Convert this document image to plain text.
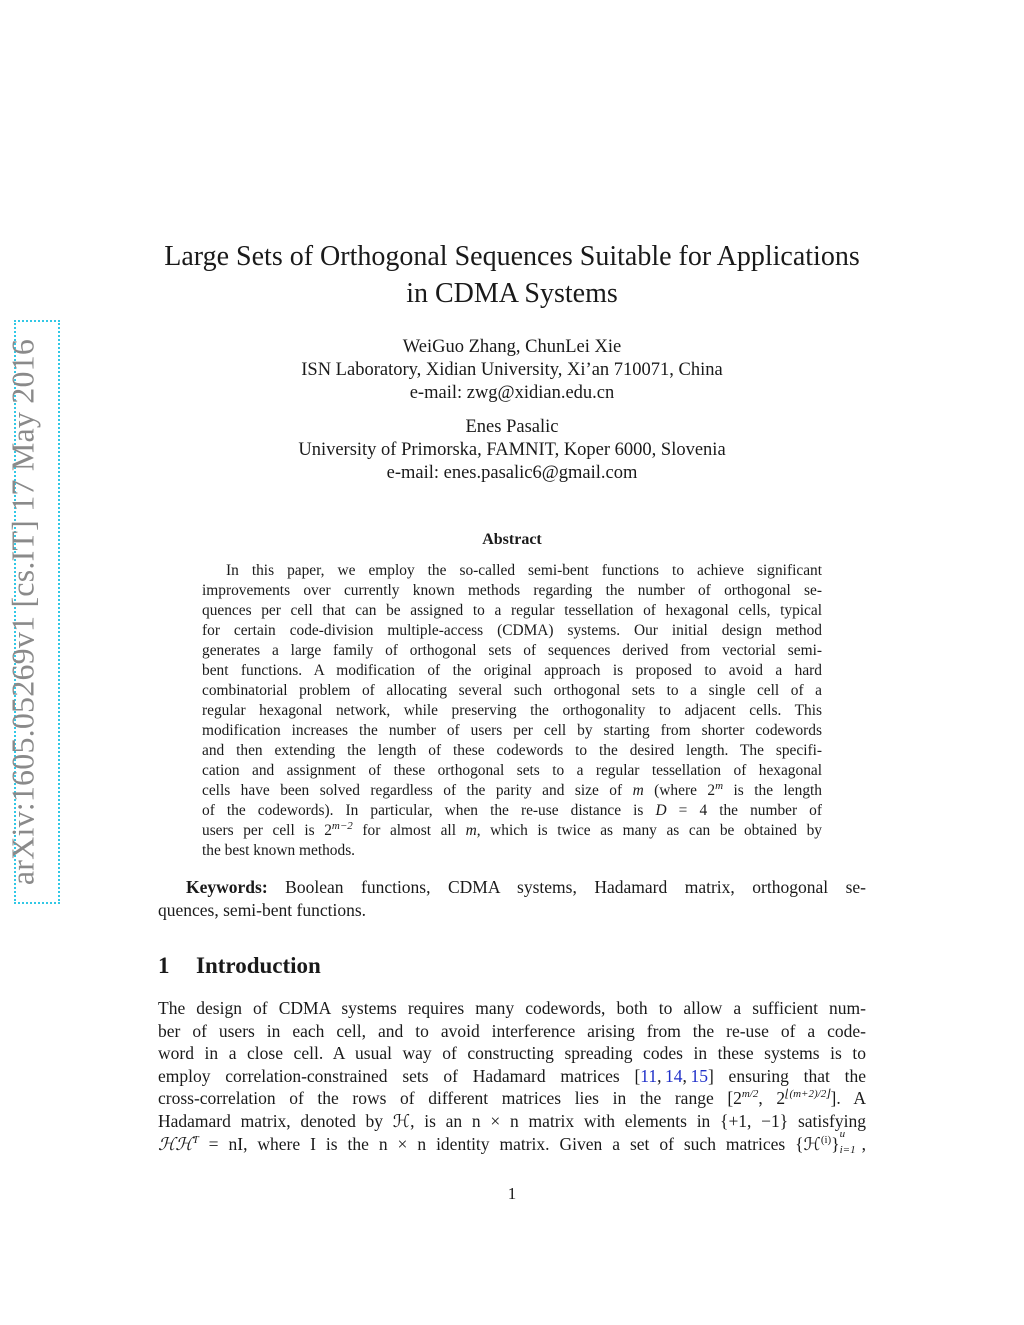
arXiv:1605.05269v1 [cs.IT] 17 May 2016
Large Sets of Orthogonal Sequences Suitable for Applications
in CDMA Systems
WeiGuo Zhang, ChunLei Xie
ISN Laboratory, Xidian University, Xi’an 710071, China
e-mail: zwg@xidian.edu.cn
Enes Pasalic
University of Primorska, FAMNIT, Koper 6000, Slovenia
e-mail: enes.pasalic6@gmail.com
Abstract
In this paper, we employ the so-called semi-bent functions to achieve significant
improvements over currently known methods regarding the number of orthogonal se-
quences per cell that can be assigned to a regular tessellation of hexagonal cells, typical
for certain code-division multiple-access (CDMA) systems. Our initial design method
generates a large family of orthogonal sets of sequences derived from vectorial semi-
bent functions. A modification of the original approach is proposed to avoid a hard
combinatorial problem of allocating several such orthogonal sets to a single cell of a
regular hexagonal network, while preserving the orthogonality to adjacent cells. This
modification increases the number of users per cell by starting from shorter codewords
and then extending the length of these codewords to the desired length. The specifi-
cation and assignment of these orthogonal sets to a regular tessellation of hexagonal
cells have been solved regardless of the parity and size of m (where 2$^m$ is the length
of the codewords). In particular, when the re-use distance is D = 4 the number of
users per cell is $2^{m-2}$ for almost all m, which is twice as many as can be obtained by
the best known methods.
Keywords: Boolean functions, CDMA systems, Hadamard matrix, orthogonal se-
quences, semi-bent functions.
1 Introduction
The design of CDMA systems requires many codewords, both to allow a sufficient num-
ber of users in each cell, and to avoid interference arising from the re-use of a code-
word in a close cell. A usual way of constructing spreading codes in these systems is to
employ correlation-constrained sets of Hadamard matrices [11, 14, 15] ensuring that the
cross-correlation of the rows of different matrices lies in the range [$2^{m/2}$, $2^{⌊(m+2)/2⌋}$]. A
Hadamard matrix, denoted by ℋ, is an n × n matrix with elements in {+1, −1} satisfying
ℋℋ$^T$ = nI, where I is the n × n identity matrix. Given a set of such matrices {ℋ$^{(i)}$} u
i=1 ,
1
